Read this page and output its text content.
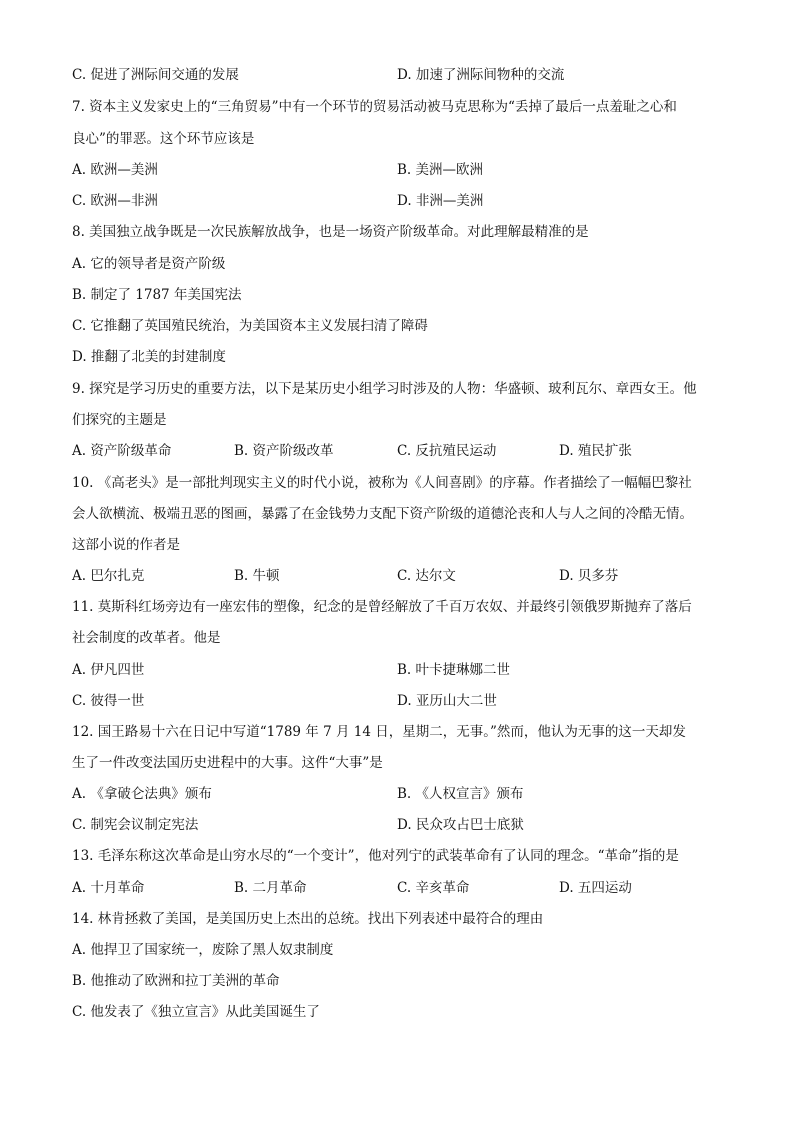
C. 促进了洲际间交通的发展	D. 加速了洲际间物种的交流
7. 资本主义发家史上的“三角贸易”中有一个环节的贸易活动被马克思称为“丢掉了最后一点羞耻之心和
良心”的罪恶。这个环节应该是
A. 欧洲—美洲	B. 美洲—欧洲
C. 欧洲—非洲	D. 非洲—美洲
8. 美国独立战争既是一次民族解放战争，也是一场资产阶级革命。对此理解最精准的是
A. 它的领导者是资产阶级
B. 制定了 1787 年美国宪法
C. 它推翻了英国殖民统治，为美国资本主义发展扫清了障碍
D. 推翻了北美的封建制度
9. 探究是学习历史的重要方法，以下是某历史小组学习时涉及的人物：华盛顿、玻利瓦尔、章西女王。他
们探究的主题是
A. 资产阶级革命	B. 资产阶级改革	C. 反抗殖民运动	D. 殖民扩张
10. 《高老头》是一部批判现实主义的时代小说，被称为《人间喜剧》的序幕。作者描绘了一幅幅巴黎社
会人欲横流、极端丑恶的图画，暴露了在金钱势力支配下资产阶级的道德沦丧和人与人之间的冷酷无情。
这部小说的作者是
A. 巴尔扎克	B. 牛顿	C. 达尔文	D. 贝多芬
11. 莫斯科红场旁边有一座宏伟的塑像，纪念的是曾经解放了千百万农奴、并最终引领俄罗斯抛弃了落后
社会制度的改革者。他是
A. 伊凡四世	B. 叶卡捷琳娜二世
C. 彼得一世	D. 亚历山大二世
12. 国王路易十六在日记中写道“1789 年 7 月 14 日，星期二，无事。”然而，他认为无事的这一天却发
生了一件改变法国历史进程中的大事。这件“大事”是
A. 《拿破仑法典》颁布	B. 《人权宣言》颁布
C. 制宪会议制定宪法	D. 民众攻占巴士底狱
13. 毛泽东称这次革命是山穷水尽的“一个变计”，他对列宁的武装革命有了认同的理念。“革命”指的是
A. 十月革命	B. 二月革命	C. 辛亥革命	D. 五四运动
14. 林肯拯救了美国，是美国历史上杰出的总统。找出下列表述中最符合的理由
A. 他捍卫了国家统一，废除了黑人奴隶制度
B. 他推动了欧洲和拉丁美洲的革命
C. 他发表了《独立宣言》从此美国诞生了
